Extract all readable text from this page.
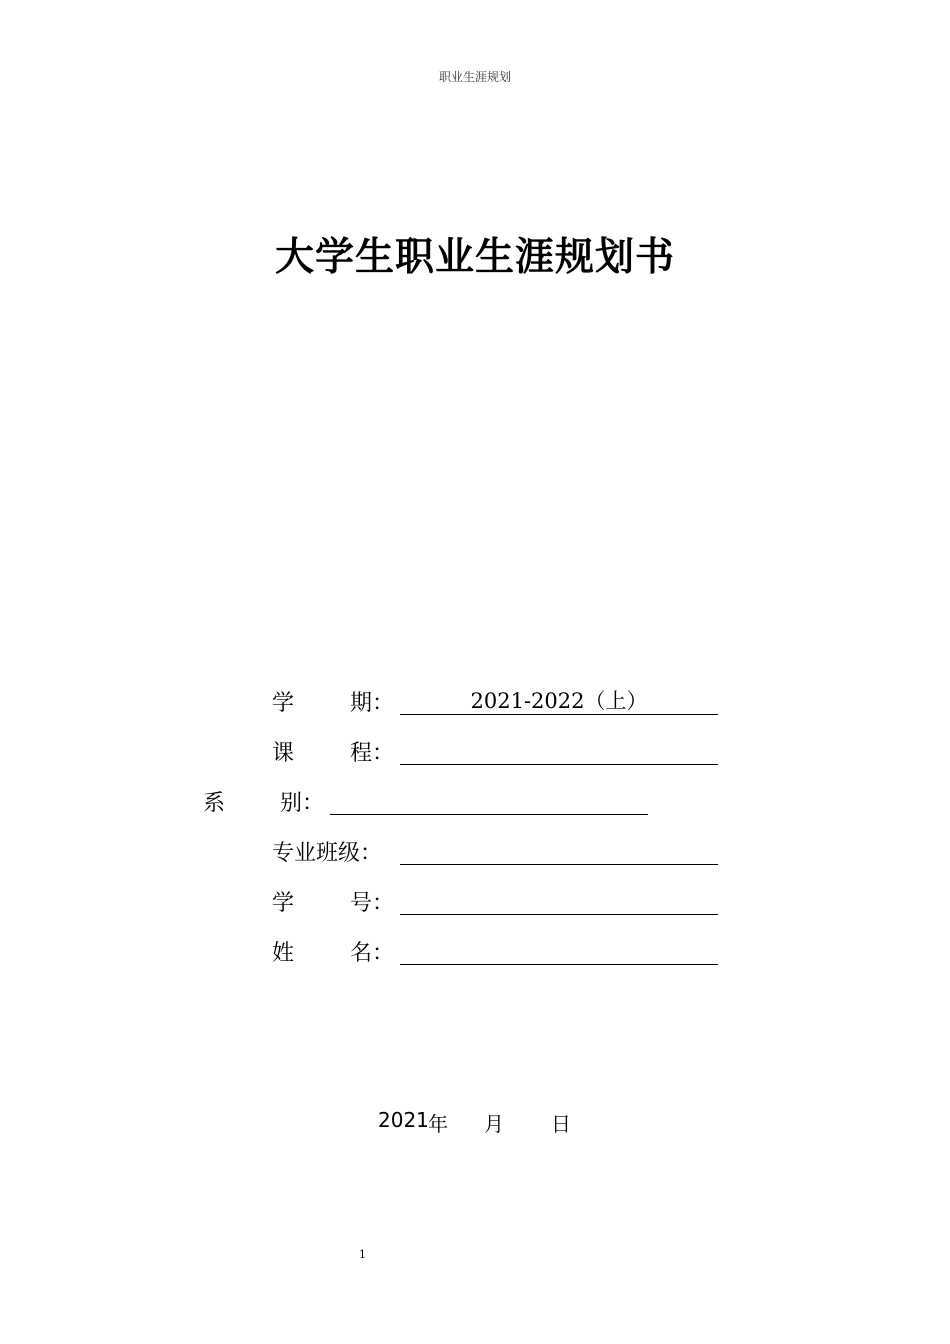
职业生涯规划
大学生职业生涯规划书
学	期：	2021-2022（上）
课	程：
系 别：
专业班级：
学	号：
姓	名：
2021 年 月 日
1
